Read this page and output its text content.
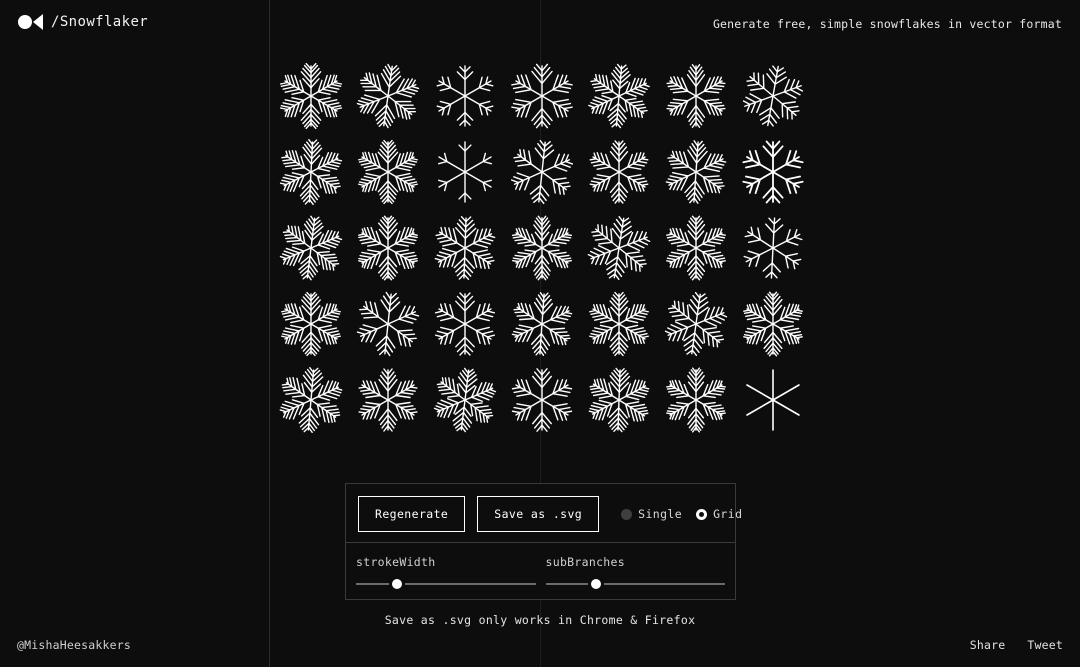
/Snowflaker	Generate free, simple snowflakes in vector format
Regenerate	Save as .svg	Single	Grid
strokeWidth	subBranches
Save as .svg only works in Chrome & Firefox
@MishaHeesakkers	Share Tweet
